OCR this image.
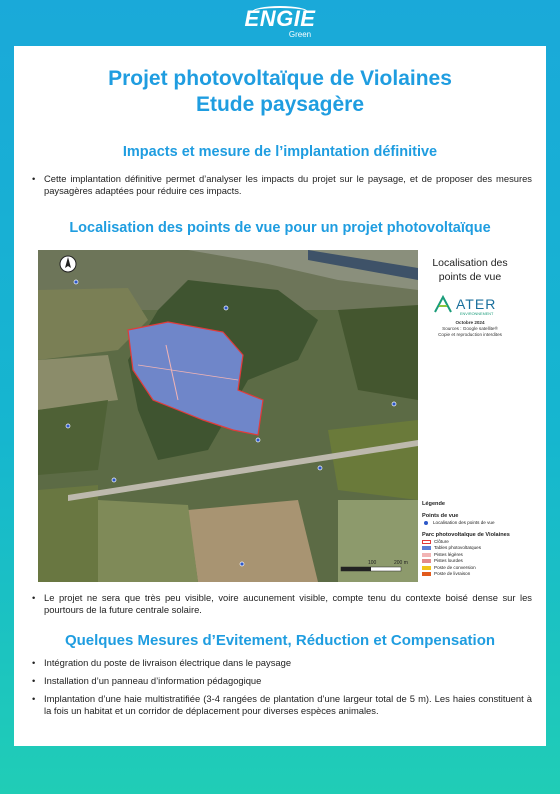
ENGIE
Green
Projet photovoltaïque de Violaines
Etude paysagère
Impacts et mesure de l’implantation définitive
• Cette implantation définitive permet d’analyser les impacts du projet sur le paysage, et de proposer des mesures paysagères adaptées pour réduire ces impacts.
Localisation des points de vue pour un projet photovoltaïque
100	200 m
Localisation des
points de vue
ATER
ENVIRONNEMENT
Octobre 2024
Sources : Google satellite®
Copie et reproduction interdites
Légende
Points de vue
Localisation des points de vue
Parc photovoltaïque de Violaines
Clôture
Tables photovoltaïques
Pistes légères
Pistes lourdes
Poste de conversion
Poste de livraison
• Le projet ne sera que très peu visible, voire aucunement visible, compte tenu du contexte boisé dense sur les pourtours de la future centrale solaire.
Quelques Mesures d’Evitement, Réduction et Compensation
• Intégration du poste de livraison électrique dans le paysage
• Installation d’un panneau d’information pédagogique
• Implantation d’une haie multistratifiée (3-4 rangées de plantation d’une largeur total de 5 m). Les haies constituent à la fois un habitat et un corridor de déplacement pour diverses espèces animales.
